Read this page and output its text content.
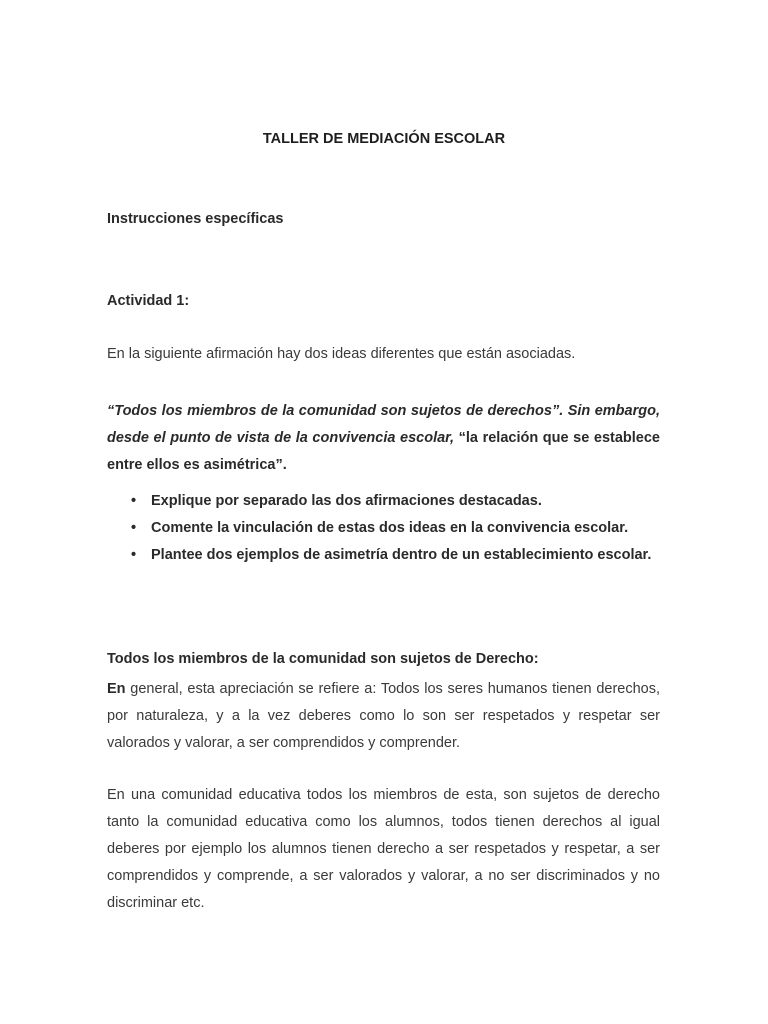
TALLER DE MEDIACIÓN ESCOLAR

Instrucciones específicas

Actividad 1:

En la siguiente afirmación hay dos ideas diferentes que están asociadas.

“Todos los miembros de la comunidad son sujetos de derechos”. Sin embargo, desde el punto de vista de la convivencia escolar, “la relación que se establece entre ellos es asimétrica”.

• Explique por separado las dos afirmaciones destacadas.
• Comente la vinculación de estas dos ideas en la convivencia escolar.
• Plantee dos ejemplos de asimetría dentro de un establecimiento escolar.

Todos los miembros de la comunidad son sujetos de Derecho:

En general, esta apreciación se refiere a: Todos los seres humanos tienen derechos, por naturaleza, y a la vez deberes como lo son ser respetados y respetar ser valorados y valorar, a ser comprendidos y comprender.

En una comunidad educativa todos los miembros de esta, son sujetos de derecho tanto la comunidad educativa como los alumnos, todos tienen derechos al igual deberes por ejemplo los alumnos tienen derecho a ser respetados y respetar, a ser comprendidos y comprende, a ser valorados y valorar, a no ser discriminados y no discriminar etc.
